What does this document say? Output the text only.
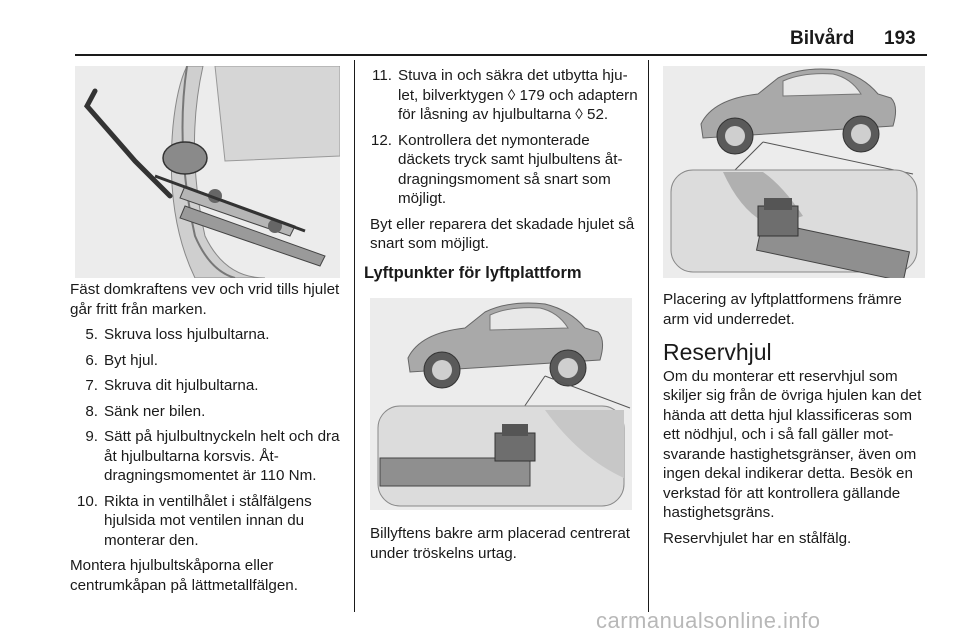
Bilvård 193

Fäst domkraftens vev och vrid tills hjulet går fritt från marken.

5. Skruva loss hjulbultarna.
6. Byt hjul.
7. Skruva dit hjulbultarna.
8. Sänk ner bilen.
9. Sätt på hjulbultnyckeln helt och dra åt hjulbultarna korsvis. Åtdragningsmomentet är 110 Nm.
10. Rikta in ventilhålet i stålfälgens hjulsida mot ventilen innan du monterar den.

Montera hjulbultskåporna eller centrumkåpan på lättmetallfälgen.

11. Stuva in och säkra det utbytta hjulet, bilverktygen ◊ 179 och adaptern för låsning av hjulbultarna ◊ 52.
12. Kontrollera det nymonterade däckets tryck samt hjulbultens åtdragningsmoment så snart som möjligt.

Byt eller reparera det skadade hjulet så snart som möjligt.

Lyftpunkter för lyftplattform

Billyftens bakre arm placerad centrerat under tröskelns urtag.

Placering av lyftplattformens främre arm vid underredet.

Reservhjul

Om du monterar ett reservhjul som skiljer sig från de övriga hjulen kan det hända att detta hjul klassificeras som ett nödhjul, och i så fall gäller motsvarande hastighetsgränser, även om ingen dekal indikerar detta. Besök en verkstad för att kontrollera gällande hastighetsgräns.

Reservhjulet har en stålfälg.

carmanualsonline.info
